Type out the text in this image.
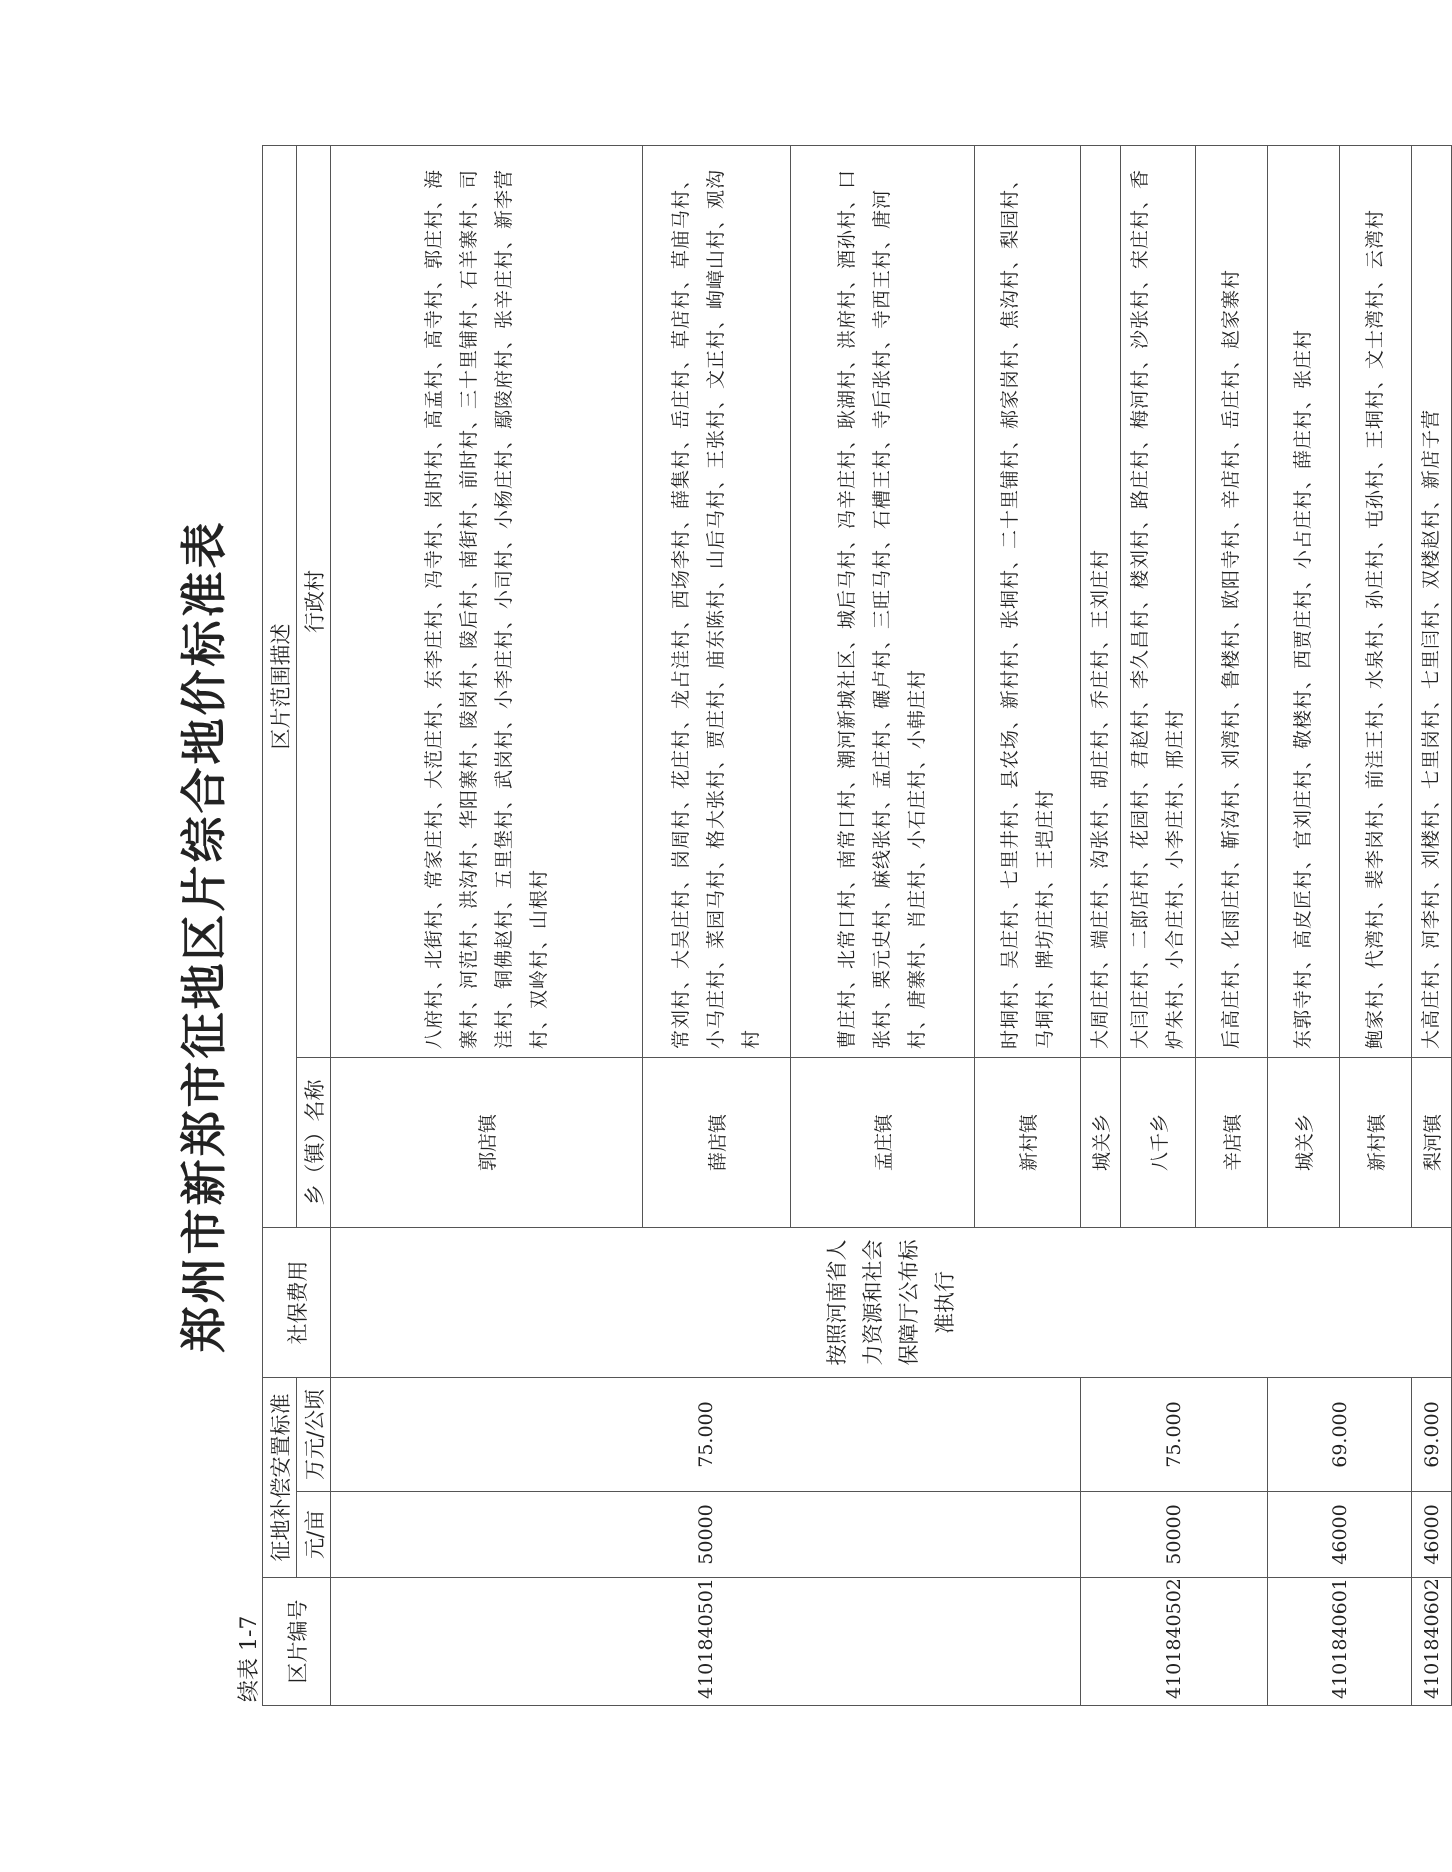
郑州市新郑市征地区片综合地价标准表
续表 1-7 区片编号	征地补偿安置标准		社保费用	区片范围描述	
	元/亩	万元/公顷		乡（镇）名称	行政村
4101840501	50000	75.000	按照河南省人力资源和社会保障厅公布标准执行	郭店镇	八府村、北街村、常家庄村、大范庄村、东李庄村、冯寺村、岗时村、高孟村、高寺村、郭庄村、海寨村、河范村、洪沟村、华阳寨村、陵岗村、陵后村、南街村、前时村、三十里铺村、石羊寨村、司洼村、铜佛赵村、五里堡村、武岗村、小李庄村、小司村、小杨庄村、鄢陵府村、张辛庄村、新李营村、双岭村、山根村
				薛店镇	常刘村、大吴庄村、岗周村、花庄村、龙占洼村、西场李村、薛集村、岳庄村、草店村、草庙马村、小马庄村、菜园马村、格大张村、贾庄村、庙东陈村、山后马村、王张村、文正村、岣嶂山村、观沟村
				孟庄镇	曹庄村、北常口村、南常口村、潮河新城社区、城后马村、冯辛庄村、耿湖村、洪府村、酒孙村、口张村、栗元史村、麻线张村、孟庄村、碾卢村、三旺马村、石槽王村、寺后张村、寺西王村、唐河村、唐寨村、肖庄村、小石庄村、小韩庄村
				新村镇	时垌村、吴庄村、七里井村、县农场、新村村、张垌村、二十里铺村、郝家岗村、焦沟村、梨园村、马垌村、牌坊庄村、王垲庄村
4101840502	50000	75.000		城关乡	大周庄村、端庄村、沟张村、胡庄村、乔庄村、王刘庄村
				八千乡	大闫庄村、二郎店村、花园村、君赵村、李久昌村、楼刘村、路庄村、梅河村、沙张村、宋庄村、香炉朱村、小合庄村、小李庄村、邢庄村
				辛店镇	后高庄村、化雨庄村、靳沟村、刘湾村、鲁楼村、欧阳寺村、辛店村、岳庄村、赵家寨村
4101840601	46000	69.000		城关乡	东郭寺村、高皮匠村、官刘庄村、敬楼村、西贾庄村、小占庄村、薛庄村、张庄村
				新村镇	鲍家村、代湾村、裴李岗村、前洼王村、水泉村、孙庄村、屯孙村、王垌村、文士湾村、云湾村
4101840602	46000	69.000		梨河镇	大高庄村、河李村、刘楼村、七里岗村、七里闫村、双楼赵村、新店子营
